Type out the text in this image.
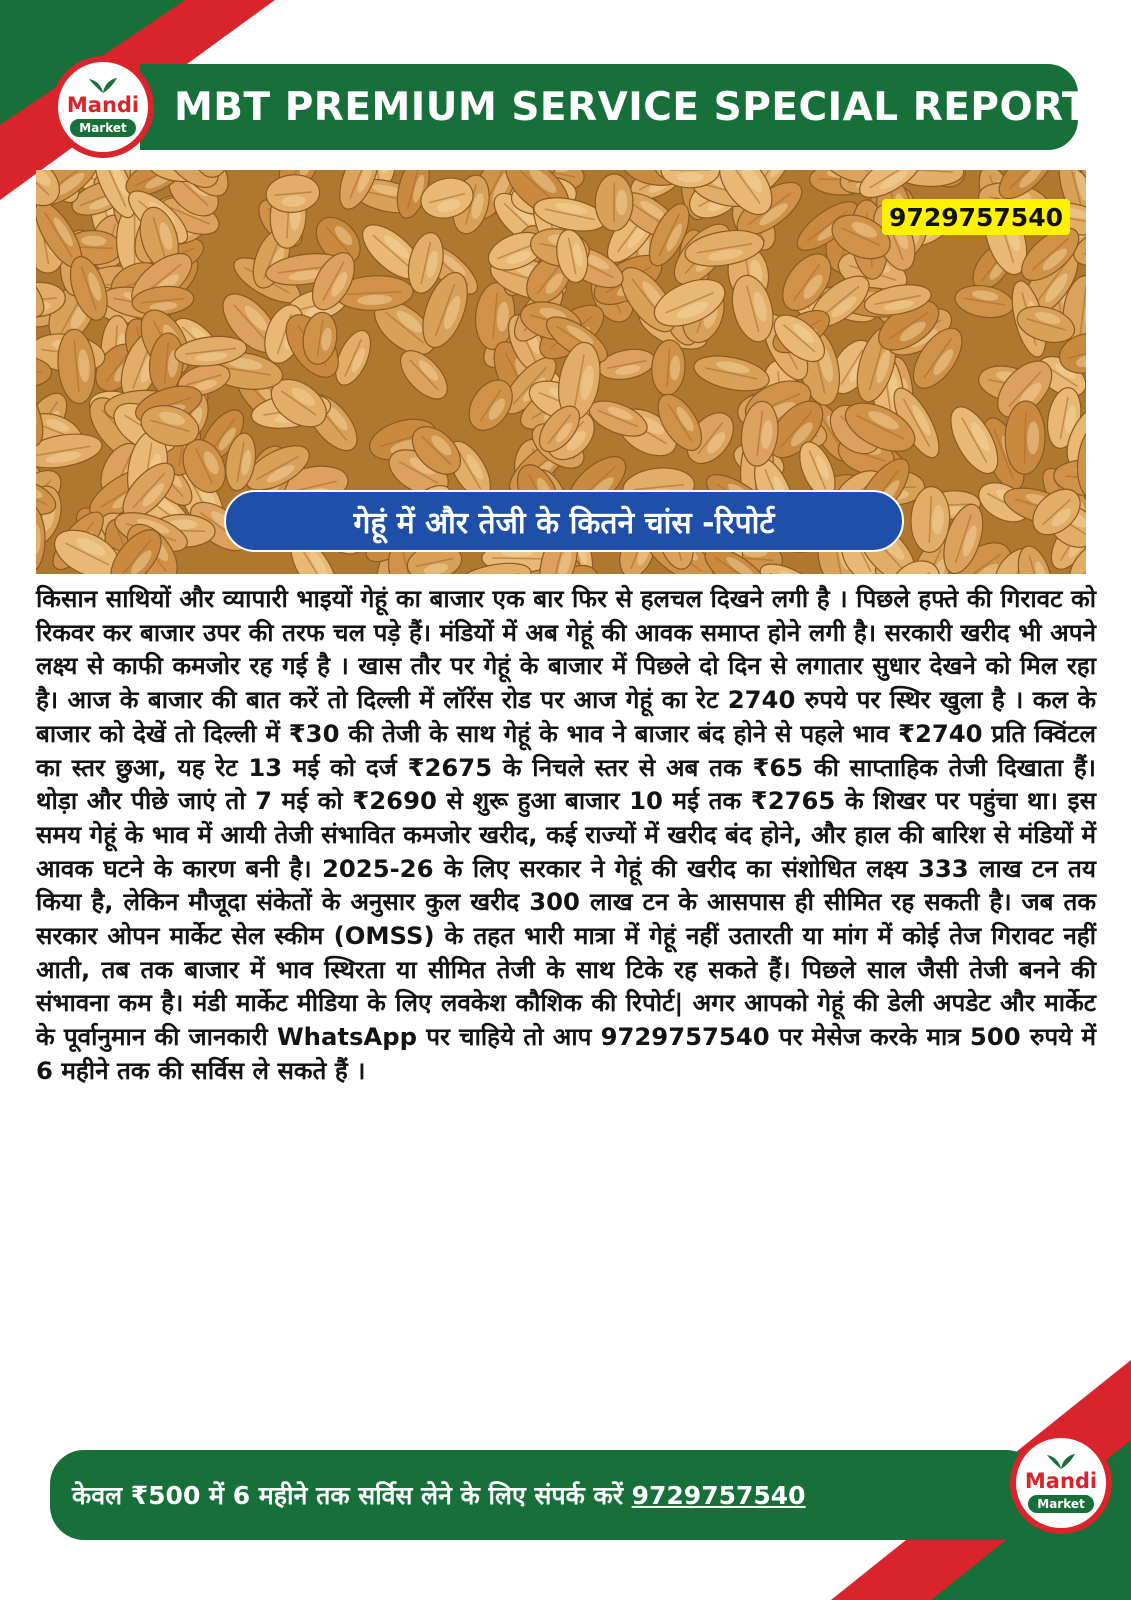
MBT PREMIUM SERVICE SPECIAL REPORT
Mandi
Market
9729757540
गेहूं में और तेजी के कितने चांस -रिपोर्ट
किसान साथियों और व्यापारी भाइयों गेहूं का बाजार एक बार फिर से हलचल दिखने लगी है । पिछले हफ्ते की गिरावट को रिकवर कर बाजार उपर की तरफ चल पड़े हैं। मंडियों में अब गेहूं की आवक समाप्त होने लगी है। सरकारी खरीद भी अपने लक्ष्य से काफी कमजोर रह गई है । खास तौर पर गेहूं के बाजार में पिछले दो दिन से लगातार सुधार देखने को मिल रहा है। आज के बाजार की बात करें तो दिल्ली में लॉरेंस रोड पर आज गेहूं का रेट 2740 रुपये पर स्थिर खुला है । कल के बाजार को देखें तो दिल्ली में ₹30 की तेजी के साथ गेहूं के भाव ने बाजार बंद होने से पहले भाव ₹2740 प्रति क्विंटल का स्तर छुआ, यह रेट 13 मई को दर्ज ₹2675 के निचले स्तर से अब तक ₹65 की साप्ताहिक तेजी दिखाता हैं। थोड़ा और पीछे जाएं तो 7 मई को ₹2690 से शुरू हुआ बाजार 10 मई तक ₹2765 के शिखर पर पहुंचा था। इस समय गेहूं के भाव में आयी तेजी संभावित कमजोर खरीद, कई राज्यों में खरीद बंद होने, और हाल की बारिश से मंडियों में आवक घटने के कारण बनी है। 2025-26 के लिए सरकार ने गेहूं की खरीद का संशोधित लक्ष्य 333 लाख टन तय किया है, लेकिन मौजूदा संकेतों के अनुसार कुल खरीद 300 लाख टन के आसपास ही सीमित रह सकती है। जब तक सरकार ओपन मार्केट सेल स्कीम (OMSS) के तहत भारी मात्रा में गेहूं नहीं उतारती या मांग में कोई तेज गिरावट नहीं आती, तब तक बाजार में भाव स्थिरता या सीमित तेजी के साथ टिके रह सकते हैं। पिछले साल जैसी तेजी बनने की संभावना कम है। मंडी मार्केट मीडिया के लिए लवकेश कौशिक की रिपोर्ट| अगर आपको गेहूं की डेली अपडेट और मार्केट के पूर्वानुमान की जानकारी WhatsApp पर चाहिये तो आप 9729757540 पर मेसेज करके मात्र 500 रुपये में 6 महीने तक की सर्विस ले सकते हैं ।
केवल ₹500 में 6 महीने तक सर्विस लेने के लिए संपर्क करें 9729757540	Mandi
Market
